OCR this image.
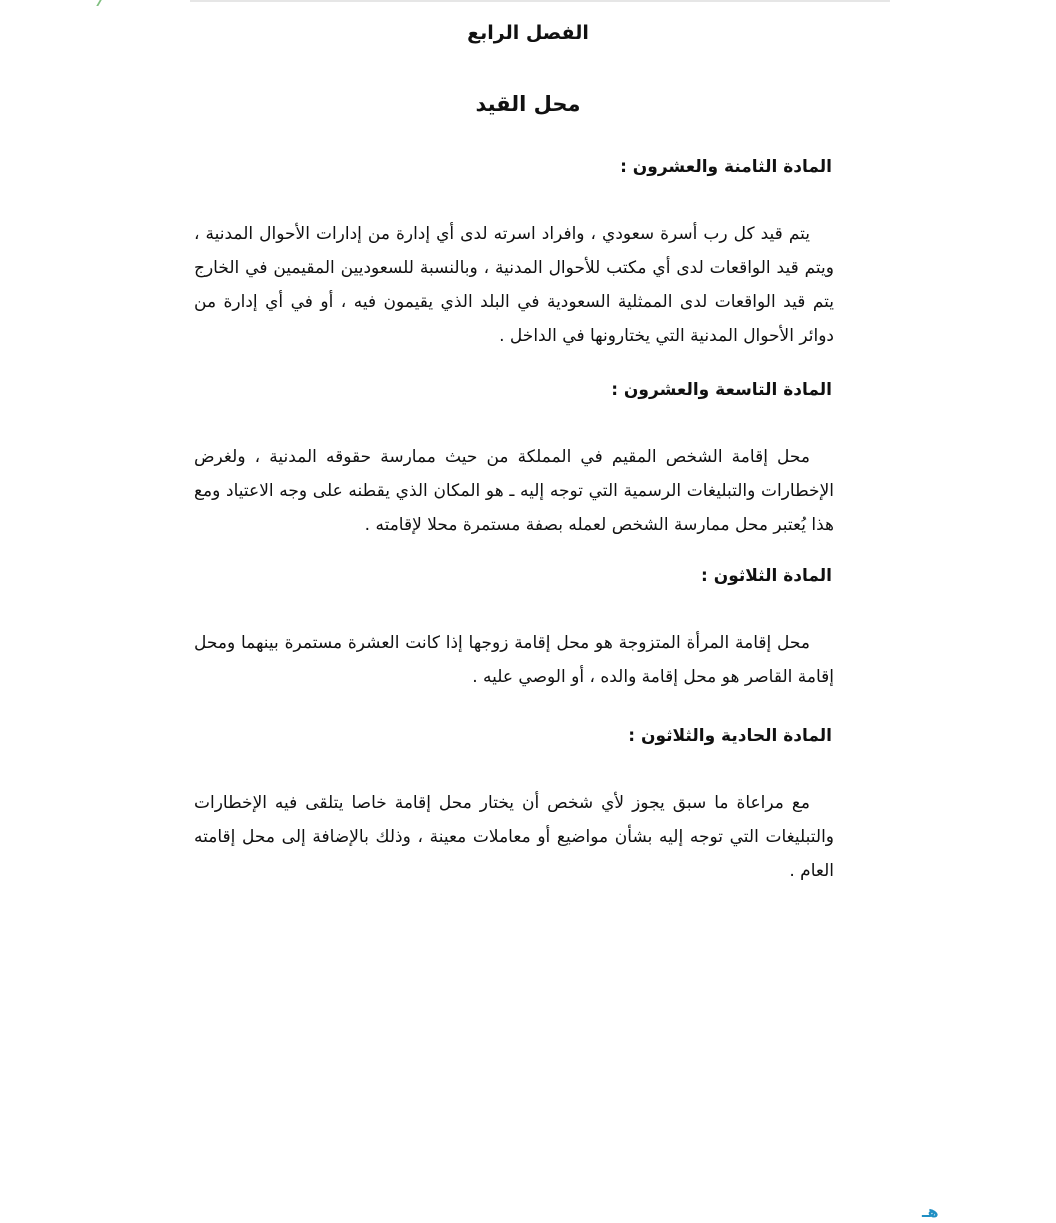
الفصل الرابع
محل القيد
المادة الثامنة والعشرون :

يتم قيد كل رب أسرة سعودي ، وافراد اسرته لدى أي إدارة من إدارات الأحوال المدنية ، ويتم قيد الواقعات لدى أي مكتب للأحوال المدنية ، وبالنسبة للسعوديين المقيمين في الخارج يتم قيد الواقعات لدى الممثلية السعودية في البلد الذي يقيمون فيه ، أو في أي إدارة من دوائر الأحوال المدنية التي يختارونها في الداخل .

المادة التاسعة والعشرون :

محل إقامة الشخص المقيم في المملكة من حيث ممارسة حقوقه المدنية ، ولغرض الإخطارات والتبليغات الرسمية التي توجه إليه ـ هو المكان الذي يقطنه على وجه الاعتياد ومع هذا يُعتبر محل ممارسة الشخص لعمله بصفة مستمرة محلا لإقامته .

المادة الثلاثون :

محل إقامة المرأة المتزوجة هو محل إقامة زوجها إذا كانت العشرة مستمرة بينهما ومحل إقامة القاصر هو محل إقامة والده ، أو الوصي عليه .

المادة الحادية والثلاثون :

مع مراعاة ما سبق يجوز لأي شخص أن يختار محل إقامة خاصا يتلقى فيه الإخطارات والتبليغات التي توجه إليه بشأن مواضيع أو معاملات معينة ، وذلك بالإضافة إلى محل إقامته العام .

هـ
